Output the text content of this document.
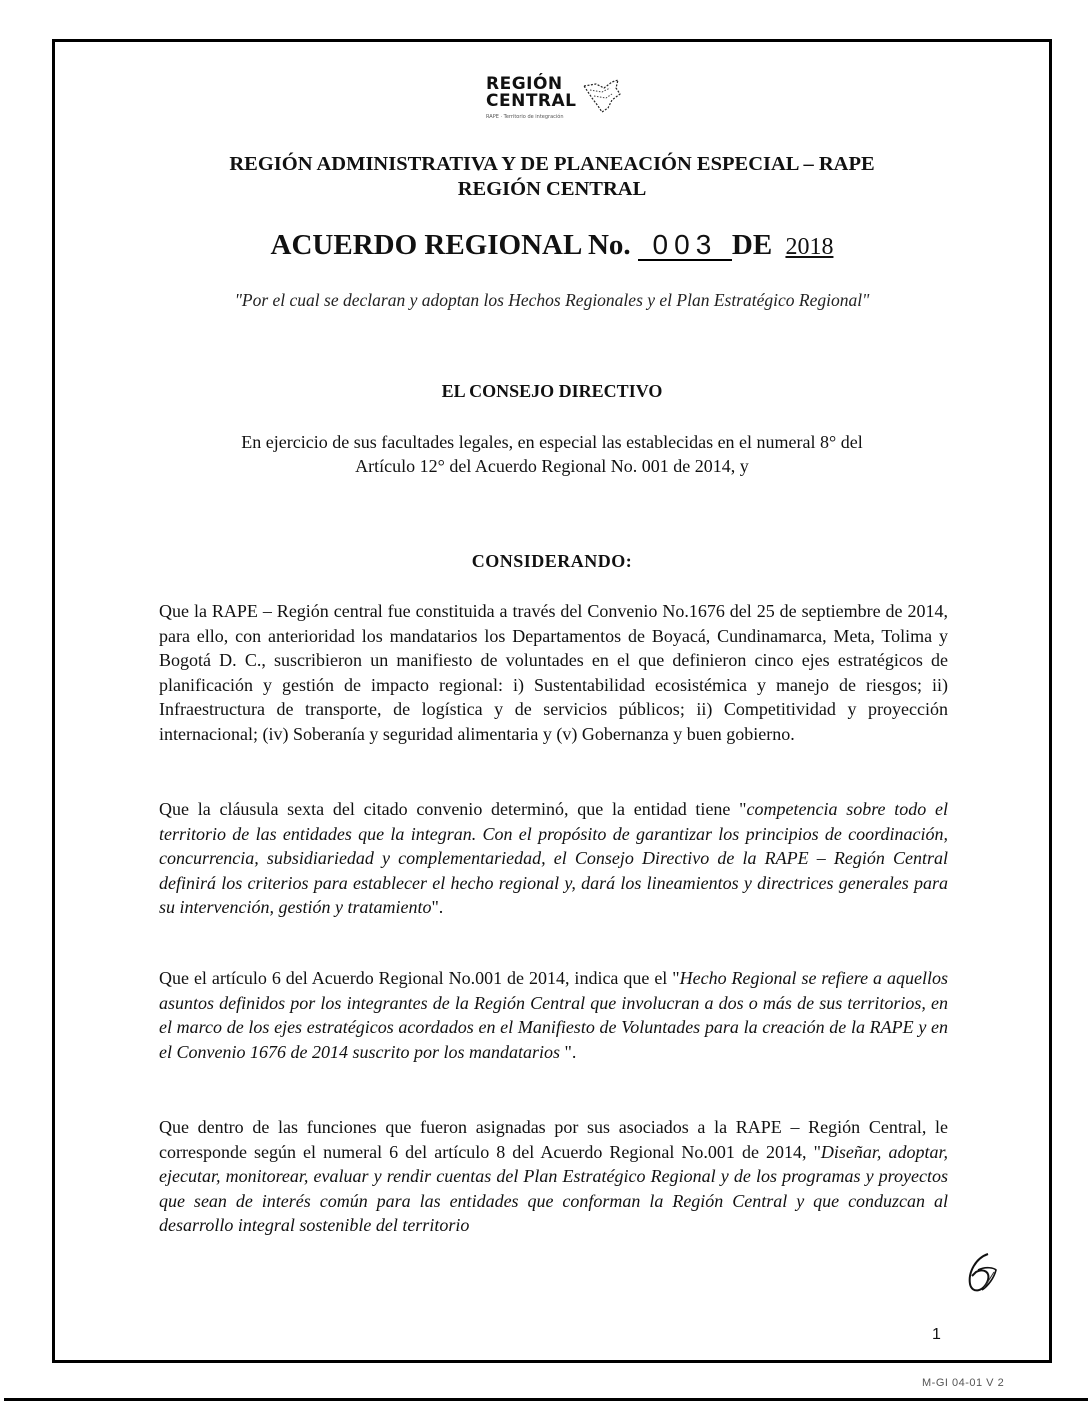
REGIÓN
CENTRAL
RAPE · Territorio de integración
REGIÓN ADMINISTRATIVA Y DE PLANEACIÓN ESPECIAL – RAPE
REGIÓN CENTRAL
ACUERDO REGIONAL No. 003 DE 2018
"Por el cual se declaran y adoptan los Hechos Regionales y el Plan Estratégico Regional"
EL CONSEJO DIRECTIVO
En ejercicio de sus facultades legales, en especial las establecidas en el numeral 8° del
Artículo 12° del Acuerdo Regional No. 001 de 2014, y
CONSIDERANDO:
Que la RAPE – Región central fue constituida a través del Convenio No.1676 del 25 de septiembre de 2014, para ello, con anterioridad los mandatarios los Departamentos de Boyacá, Cundinamarca, Meta, Tolima y Bogotá D. C., suscribieron un manifiesto de voluntades en el que definieron cinco ejes estratégicos de planificación y gestión de impacto regional: i) Sustentabilidad ecosistémica y manejo de riesgos; ii) Infraestructura de transporte, de logística y de servicios públicos; ii) Competitividad y proyección internacional; (iv) Soberanía y seguridad alimentaria y (v) Gobernanza y buen gobierno.
Que la cláusula sexta del citado convenio determinó, que la entidad tiene "competencia sobre todo el territorio de las entidades que la integran. Con el propósito de garantizar los principios de coordinación, concurrencia, subsidiariedad y complementariedad, el Consejo Directivo de la RAPE – Región Central definirá los criterios para establecer el hecho regional y, dará los lineamientos y directrices generales para su intervención, gestión y tratamiento".
Que el artículo 6 del Acuerdo Regional No.001 de 2014, indica que el "Hecho Regional se refiere a aquellos asuntos definidos por los integrantes de la Región Central que involucran a dos o más de sus territorios, en el marco de los ejes estratégicos acordados en el Manifiesto de Voluntades para la creación de la RAPE y en el Convenio 1676 de 2014 suscrito por los mandatarios ".
Que dentro de las funciones que fueron asignadas por sus asociados a la RAPE – Región Central, le corresponde según el numeral 6 del artículo 8 del Acuerdo Regional No.001 de 2014, "Diseñar, adoptar, ejecutar, monitorear, evaluar y rendir cuentas del Plan Estratégico Regional y de los programas y proyectos que sean de interés común para las entidades que conforman la Región Central y que conduzcan al desarrollo integral sostenible del territorio
1
M-GI 04-01 V 2
